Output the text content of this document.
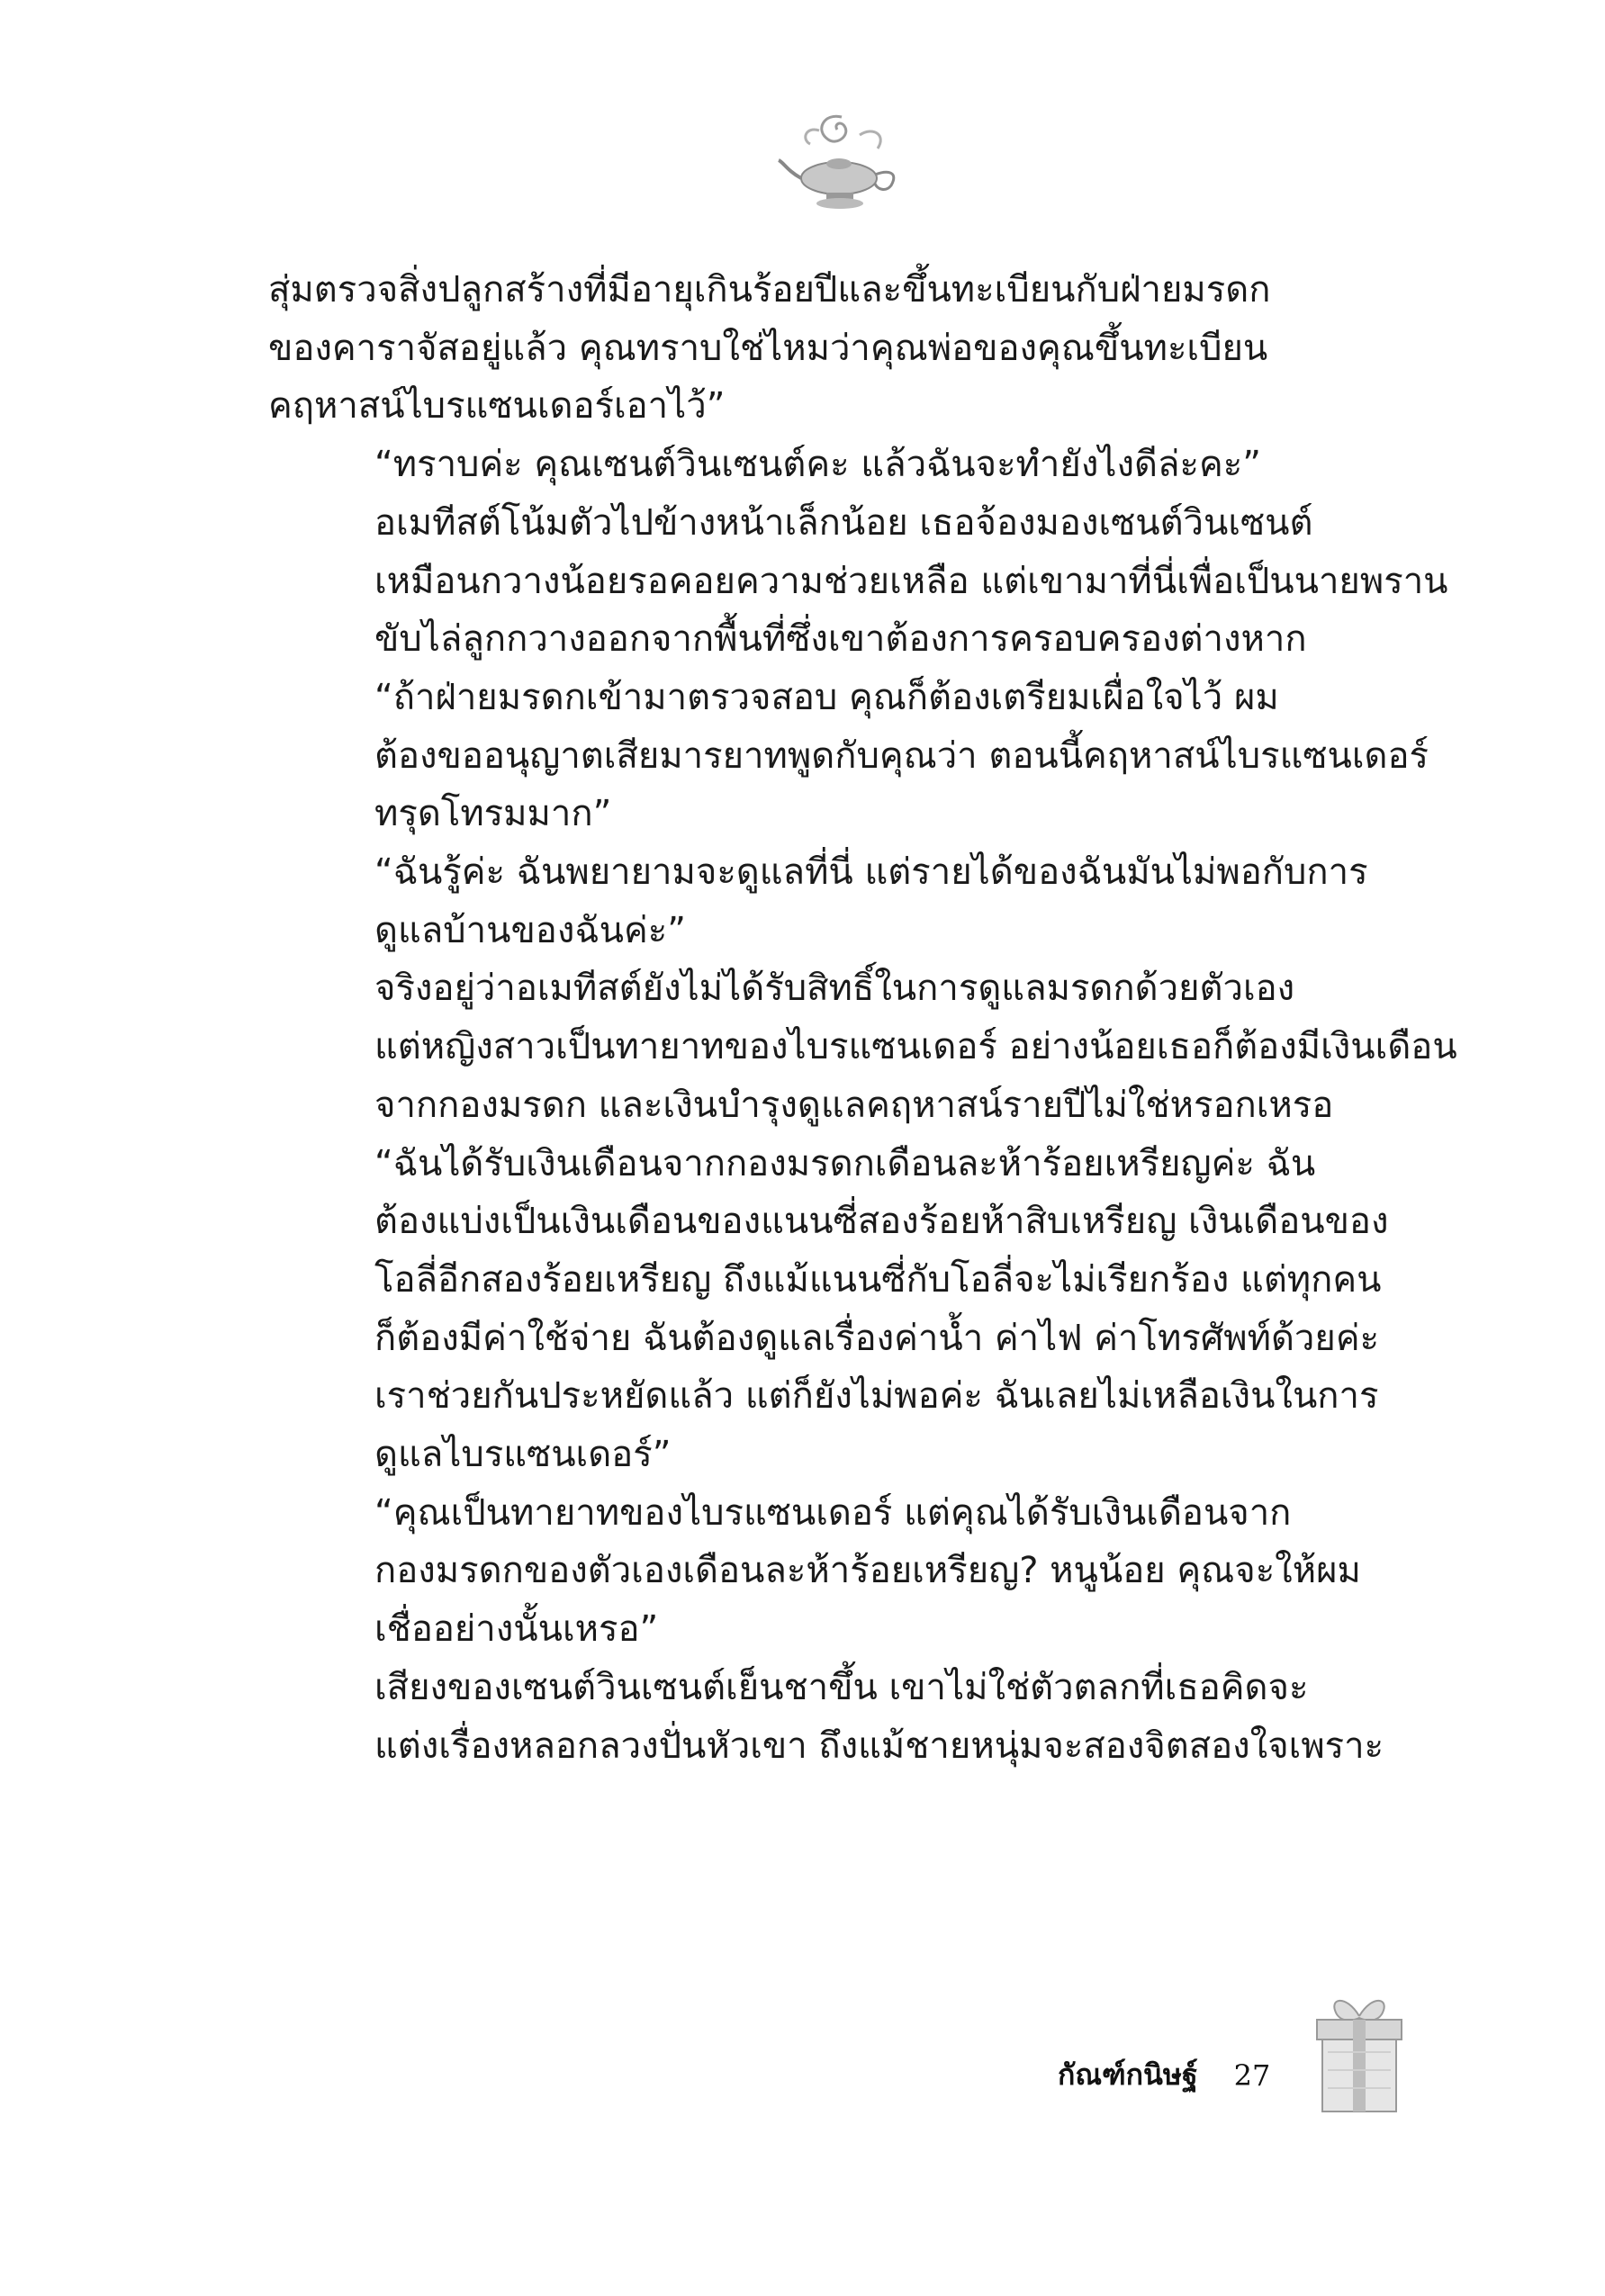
สุ่มตรวจสิ่งปลูกสร้างที่มีอายุเกินร้อยปีและขึ้นทะเบียนกับฝ่ายมรดก
ของคาราจัสอยู่แล้ว คุณทราบใช่ไหมว่าคุณพ่อของคุณขึ้นทะเบียน
คฤหาสน์ไบรแซนเดอร์เอาไว้”

“ทราบค่ะ คุณเซนต์วินเซนต์คะ แล้วฉันจะทำยังไงดีล่ะคะ”

อเมทีสต์โน้มตัวไปข้างหน้าเล็กน้อย เธอจ้องมองเซนต์วินเซนต์
เหมือนกวางน้อยรอคอยความช่วยเหลือ แต่เขามาที่นี่เพื่อเป็นนายพราน
ขับไล่ลูกกวางออกจากพื้นที่ซึ่งเขาต้องการครอบครองต่างหาก

“ถ้าฝ่ายมรดกเข้ามาตรวจสอบ คุณก็ต้องเตรียมเผื่อใจไว้ ผม
ต้องขออนุญาตเสียมารยาทพูดกับคุณว่า ตอนนี้คฤหาสน์ไบรแซนเดอร์
ทรุดโทรมมาก”

“ฉันรู้ค่ะ ฉันพยายามจะดูแลที่นี่ แต่รายได้ของฉันมันไม่พอกับการ
ดูแลบ้านของฉันค่ะ”

จริงอยู่ว่าอเมทีสต์ยังไม่ได้รับสิทธิ์ในการดูแลมรดกด้วยตัวเอง
แต่หญิงสาวเป็นทายาทของไบรแซนเดอร์ อย่างน้อยเธอก็ต้องมีเงินเดือน
จากกองมรดก และเงินบำรุงดูแลคฤหาสน์รายปีไม่ใช่หรอกเหรอ

“ฉันได้รับเงินเดือนจากกองมรดกเดือนละห้าร้อยเหรียญค่ะ ฉัน
ต้องแบ่งเป็นเงินเดือนของแนนซี่สองร้อยห้าสิบเหรียญ เงินเดือนของ
โอลี่อีกสองร้อยเหรียญ ถึงแม้แนนซี่กับโอลี่จะไม่เรียกร้อง แต่ทุกคน
ก็ต้องมีค่าใช้จ่าย ฉันต้องดูแลเรื่องค่าน้ำ ค่าไฟ ค่าโทรศัพท์ด้วยค่ะ
เราช่วยกันประหยัดแล้ว แต่ก็ยังไม่พอค่ะ ฉันเลยไม่เหลือเงินในการ
ดูแลไบรแซนเดอร์”

“คุณเป็นทายาทของไบรแซนเดอร์ แต่คุณได้รับเงินเดือนจาก
กองมรดกของตัวเองเดือนละห้าร้อยเหรียญ? หนูน้อย คุณจะให้ผม
เชื่ออย่างนั้นเหรอ”

เสียงของเซนต์วินเซนต์เย็นชาขึ้น เขาไม่ใช่ตัวตลกที่เธอคิดจะ
แต่งเรื่องหลอกลวงปั่นหัวเขา ถึงแม้ชายหนุ่มจะสองจิตสองใจเพราะ

กัณฑ์กนิษฐ์ 27
